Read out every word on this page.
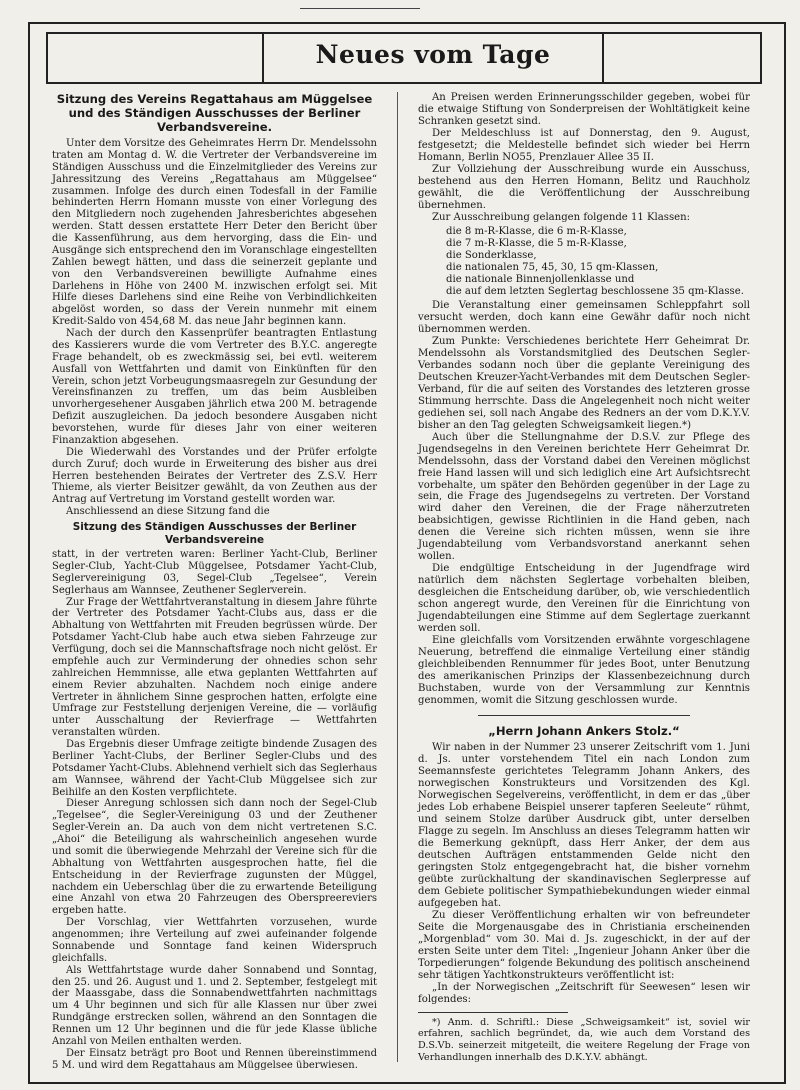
Neues vom Tage
Sitzung des Vereins Regattahaus am Müggelsee und des Ständigen Ausschusses der Berliner Verbandsvereine.

Unter dem Vorsitze des Geheimrates Herrn Dr. Mendelssohn traten am Montag d. W. die Vertreter der Verbandsvereine im Ständigen Ausschuss und die Einzelmitglieder des Vereins zur Jahressitzung des Vereins „Regattahaus am Müggelsee“ zusammen. Infolge des durch einen Todesfall in der Familie behinderten Herrn Homann musste von einer Vorlegung des den Mitgliedern noch zugehenden Jahresberichtes abgesehen werden. Statt dessen erstattete Herr Deter den Bericht über die Kassenführung, aus dem hervorging, dass die Ein- und Ausgänge sich entsprechend den im Voranschlage eingestellten Zahlen bewegt hätten, und dass die seinerzeit geplante und von den Verbandsvereinen bewilligte Aufnahme eines Darlehens in Höhe von 2400 M. inzwischen erfolgt sei. Mit Hilfe dieses Darlehens sind eine Reihe von Verbindlichkeiten abgelöst worden, so dass der Verein nunmehr mit einem Kredit-Saldo von 454,68 M. das neue Jahr beginnen kann.

Nach der durch den Kassenprüfer beantragten Entlastung des Kassierers wurde die vom Vertreter des B.Y.C. angeregte Frage behandelt, ob es zweckmässig sei, bei evtl. weiterem Ausfall von Wettfahrten und damit von Einkünften für den Verein, schon jetzt Vorbeugungsmaasregeln zur Gesundung der Vereinsfinanzen zu treffen, um das beim Ausbleiben unvorhergesehener Ausgaben jährlich etwa 200 M. betragende Defizit auszugleichen. Da jedoch besondere Ausgaben nicht bevorstehen, wurde für dieses Jahr von einer weiteren Finanzaktion abgesehen.

Die Wiederwahl des Vorstandes und der Prüfer erfolgte durch Zuruf; doch wurde in Erweiterung des bisher aus drei Herren bestehenden Beirates der Vertreter des Z.S.V. Herr Thieme, als vierter Beisitzer gewählt, da von Zeuthen aus der Antrag auf Vertretung im Vorstand gestellt worden war.

Anschliessend an diese Sitzung fand die

Sitzung des Ständigen Ausschusses der Berliner Verbandsvereine

statt, in der vertreten waren: Berliner Yacht-Club, Berliner Segler-Club, Yacht-Club Müggelsee, Potsdamer Yacht-Club, Seglervereinigung 03, Segel-Club „Tegelsee“, Verein Seglerhaus am Wannsee, Zeuthener Seglerverein.

Zur Frage der Wettfahrtveranstaltung in diesem Jahre führte der Vertreter des Potsdamer Yacht-Clubs aus, dass er die Abhaltung von Wettfahrten mit Freuden begrüssen würde. Der Potsdamer Yacht-Club habe auch etwa sieben Fahrzeuge zur Verfügung, doch sei die Mannschaftsfrage noch nicht gelöst. Er empfehle auch zur Verminderung der ohnedies schon sehr zahlreichen Hemmnisse, alle etwa geplanten Wettfahrten auf einem Revier abzuhalten. Nachdem noch einige andere Vertreter in ähnlichem Sinne gesprochen hatten, erfolgte eine Umfrage zur Feststellung derjenigen Vereine, die — vorläufig unter Ausschaltung der Revierfrage — Wettfahrten veranstalten würden.

Das Ergebnis dieser Umfrage zeitigte bindende Zusagen des Berliner Yacht-Clubs, der Berliner Segler-Clubs und des Potsdamer Yacht-Clubs. Ablehnend verhielt sich das Seglerhaus am Wannsee, während der Yacht-Club Müggelsee sich zur Beihilfe an den Kosten verpflichtete.

Dieser Anregung schlossen sich dann noch der Segel-Club „Tegelsee“, die Segler-Vereinigung 03 und der Zeuthener Segler-Verein an. Da auch von dem nicht vertretenen S.C. „Ahoi“ die Beteiligung als wahrscheinlich angesehen wurde und somit die überwiegende Mehrzahl der Vereine sich für die Abhaltung von Wettfahrten ausgesprochen hatte, fiel die Entscheidung in der Revierfrage zugunsten der Müggel, nachdem ein Ueberschlag über die zu erwartende Beteiligung eine Anzahl von etwa 20 Fahrzeugen des Oberspreereviers ergeben hatte.

Der Vorschlag, vier Wettfahrten vorzusehen, wurde angenommen; ihre Verteilung auf zwei aufeinander folgende Sonnabende und Sonntage fand keinen Widerspruch gleichfalls.

Als Wettfahrtstage wurde daher Sonnabend und Sonntag, den 25. und 26. August und 1. und 2. September, festgelegt mit der Maassgabe, dass die Sonnabendwettfahrten nachmittags um 4 Uhr beginnen und sich für alle Klassen nur über zwei Rundgänge erstrecken sollen, während an den Sonntagen die Rennen um 12 Uhr beginnen und die für jede Klasse übliche Anzahl von Meilen enthalten werden.

Der Einsatz beträgt pro Boot und Rennen übereinstimmend 5 M. und wird dem Regattahaus am Müggelsee überwiesen.

An Preisen werden Erinnerungsschilder gegeben, wobei für die etwaige Stiftung von Sonderpreisen der Wohltätigkeit keine Schranken gesetzt sind.

Der Meldeschluss ist auf Donnerstag, den 9. August, festgesetzt; die Meldestelle befindet sich wieder bei Herrn Homann, Berlin NO55, Prenzlauer Allee 35 II.

Zur Vollziehung der Ausschreibung wurde ein Ausschuss, bestehend aus den Herren Homann, Belitz und Rauchholz gewählt, die die Veröffentlichung der Ausschreibung übernehmen.

Zur Ausschreibung gelangen folgende 11 Klassen:

die 8 m-R-Klasse, die 6 m-R-Klasse,
die 7 m-R-Klasse, die 5 m-R-Klasse,
die Sonderklasse,
die nationalen 75, 45, 30, 15 qm-Klassen,
die nationale Binnenjollenklasse und
die auf dem letzten Seglertag beschlossene 35 qm-Klasse.

Die Veranstaltung einer gemeinsamen Schleppfahrt soll versucht werden, doch kann eine Gewähr dafür noch nicht übernommen werden.

Zum Punkte: Verschiedenes berichtete Herr Geheimrat Dr. Mendelssohn als Vorstandsmitglied des Deutschen Segler-Verbandes sodann noch über die geplante Vereinigung des Deutschen Kreuzer-Yacht-Verbandes mit dem Deutschen Segler-Verband, für die auf seiten des Vorstandes des letzteren grosse Stimmung herrschte. Dass die Angelegenheit noch nicht weiter gediehen sei, soll nach Angabe des Redners an der vom D.K.Y.V. bisher an den Tag gelegten Schweigsamkeit liegen.*)

Auch über die Stellungnahme der D.S.V. zur Pflege des Jugendsegelns in den Vereinen berichtete Herr Geheimrat Dr. Mendelssohn, dass der Vorstand dabei den Vereinen möglichst freie Hand lassen will und sich lediglich eine Art Aufsichtsrecht vorbehalte, um später den Behörden gegenüber in der Lage zu sein, die Frage des Jugendsegelns zu vertreten. Der Vorstand wird daher den Vereinen, die der Frage näherzutreten beabsichtigen, gewisse Richtlinien in die Hand geben, nach denen die Vereine sich richten müssen, wenn sie ihre Jugendabteilung vom Verbandsvorstand anerkannt sehen wollen.

Die endgültige Entscheidung in der Jugendfrage wird natürlich dem nächsten Seglertage vorbehalten bleiben, desgleichen die Entscheidung darüber, ob, wie verschiedentlich schon angeregt wurde, den Vereinen für die Einrichtung von Jugendabteilungen eine Stimme auf dem Seglertage zuerkannt werden soll.

Eine gleichfalls vom Vorsitzenden erwähnte vorgeschlagene Neuerung, betreffend die einmalige Verteilung einer ständig gleichbleibenden Rennummer für jedes Boot, unter Benutzung des amerikanischen Prinzips der Klassenbezeichnung durch Buchstaben, wurde von der Versammlung zur Kenntnis genommen, womit die Sitzung geschlossen wurde.

„Herrn Johann Ankers Stolz.“

Wir naben in der Nummer 23 unserer Zeitschrift vom 1. Juni d. Js. unter vorstehendem Titel ein nach London zum Seemannsfeste gerichtetes Telegramm Johann Ankers, des norwegischen Konstrukteurs und Vorsitzenden des Kgl. Norwegischen Segelvereins, veröffentlicht, in dem er das „über jedes Lob erhabene Beispiel unserer tapferen Seeleute“ rühmt, und seinem Stolze darüber Ausdruck gibt, unter derselben Flagge zu segeln. Im Anschluss an dieses Telegramm hatten wir die Bemerkung geknüpft, dass Herr Anker, der dem aus deutschen Aufträgen entstammenden Gelde nicht den geringsten Stolz entgegengebracht hat, die bisher vornehm geübte zurückhaltung der skandinavischen Seglerpresse auf dem Gebiete politischer Sympathiebekundungen wieder einmal aufgegeben hat.

Zu dieser Veröffentlichung erhalten wir von befreundeter Seite die Morgenausgabe des in Christiania erscheinenden „Morgenblad“ vom 30. Mai d. Js. zugeschickt, in der auf der ersten Seite unter dem Titel: „Ingenieur Johann Anker über die Torpedierungen“ folgende Bekundung des politisch anscheinend sehr tätigen Yachtkonstrukteurs veröffentlicht ist:

„In der Norwegischen „Zeitschrift für Seewesen“ lesen wir folgendes:

*) Anm. d. Schriftl.: Diese „Schweigsamkeit“ ist, soviel wir erfahren, sachlich begründet, da, wie auch dem Vorstand des D.S.Vb. seinerzeit mitgeteilt, die weitere Regelung der Frage von Verhandlungen innerhalb des D.K.Y.V. abhängt.
